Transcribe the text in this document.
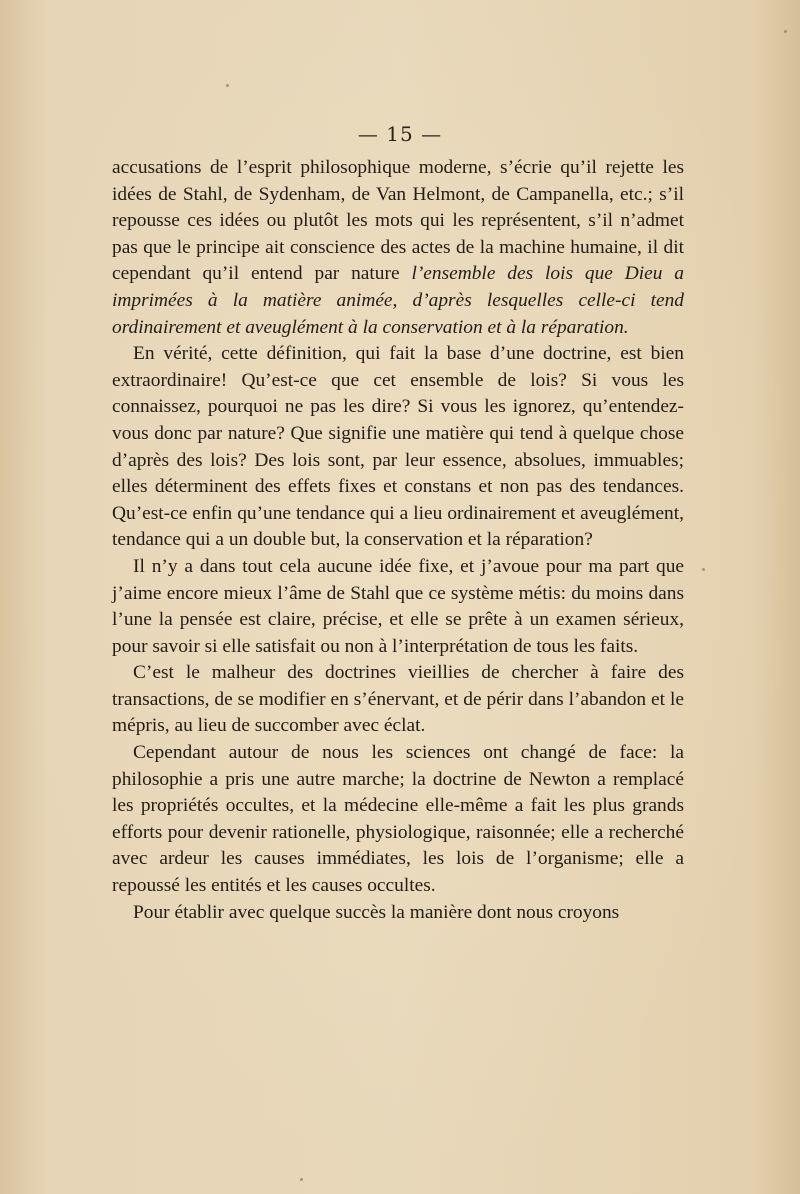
— 15 —

accusations de l’esprit philosophique moderne, s’écrie qu’il rejette les idées de Stahl, de Sydenham, de Van Helmont, de Campanella, etc.; s’il repousse ces idées ou plutôt les mots qui les représentent, s’il n’admet pas que le principe ait conscience des actes de la machine humaine, il dit cependant qu’il entend par nature l’ensemble des lois que Dieu a imprimées à la matière animée, d’après lesquelles celle-ci tend ordinairement et aveuglément à la conservation et à la réparation.

En vérité, cette définition, qui fait la base d’une doctrine, est bien extraordinaire! Qu’est-ce que cet ensemble de lois? Si vous les connaissez, pourquoi ne pas les dire? Si vous les ignorez, qu’entendez-vous donc par nature? Que signifie une matière qui tend à quelque chose d’après des lois? Des lois sont, par leur essence, absolues, immuables; elles déterminent des effets fixes et constans et non pas des tendances. Qu’est-ce enfin qu’une tendance qui a lieu ordinairement et aveuglément, tendance qui a un double but, la conservation et la réparation?

Il n’y a dans tout cela aucune idée fixe, et j’avoue pour ma part que j’aime encore mieux l’âme de Stahl que ce système métis: du moins dans l’une la pensée est claire, précise, et elle se prête à un examen sérieux, pour savoir si elle satisfait ou non à l’interprétation de tous les faits.

C’est le malheur des doctrines vieillies de chercher à faire des transactions, de se modifier en s’énervant, et de périr dans l’abandon et le mépris, au lieu de succomber avec éclat.

Cependant autour de nous les sciences ont changé de face: la philosophie a pris une autre marche; la doctrine de Newton a remplacé les propriétés occultes, et la médecine elle-même a fait les plus grands efforts pour devenir rationelle, physiologique, raisonnée; elle a recherché avec ardeur les causes immédiates, les lois de l’organisme; elle a repoussé les entités et les causes occultes.

Pour établir avec quelque succès la manière dont nous croyons
